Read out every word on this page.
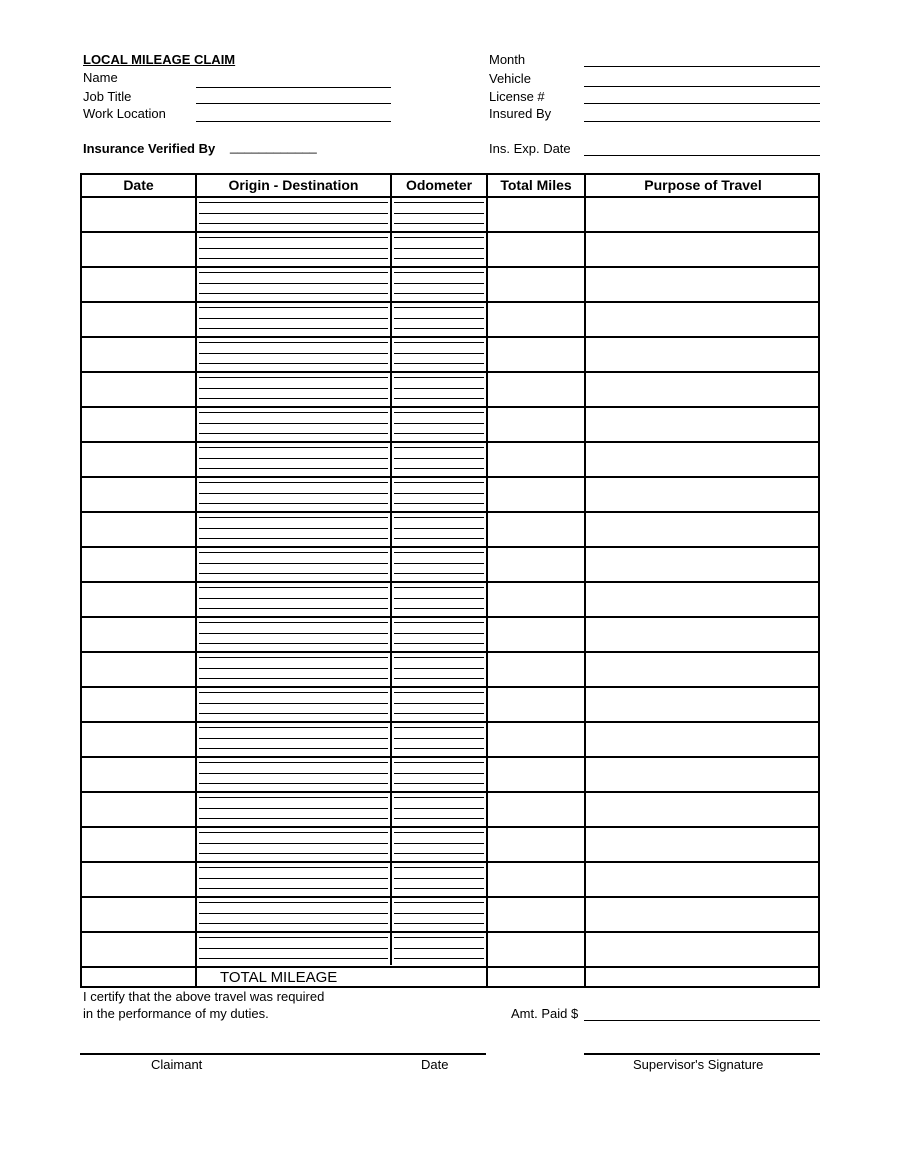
LOCAL MILEAGE CLAIM
Name
Job Title
Work Location
Insurance Verified By ____________
Month
Vehicle
License #
Insured By
Ins. Exp. Date
Date	Origin - Destination	Odometer	Total Miles	Purpose of Travel
TOTAL MILEAGE
I certify that the above travel was required
in the performance of my duties.	Amt. Paid $
Claimant	Date	Supervisor's Signature
